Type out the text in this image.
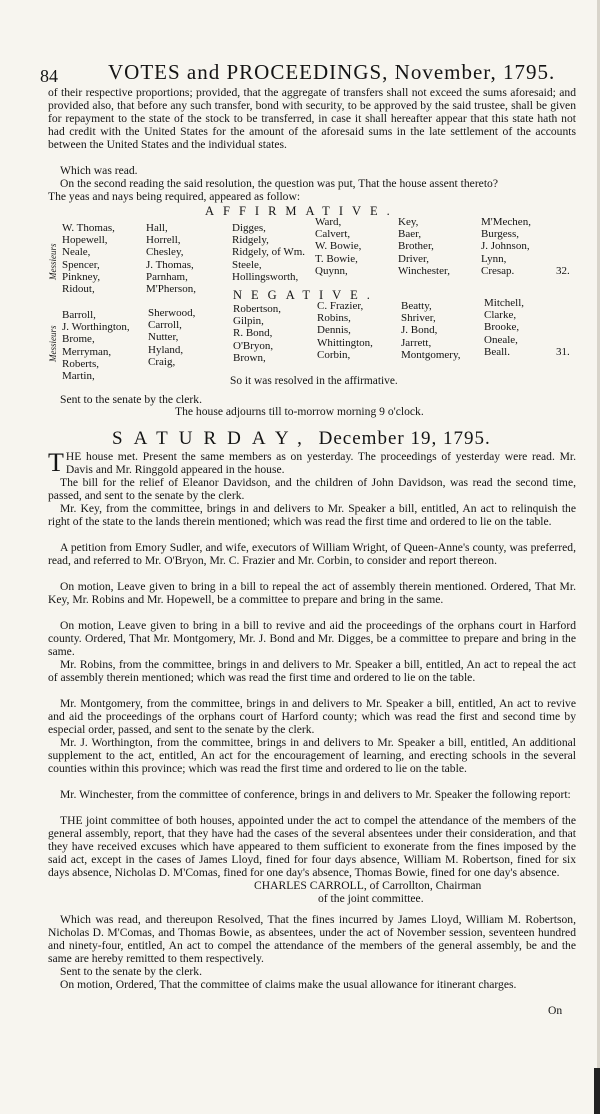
84 VOTES and PROCEEDINGS, November, 1795.
of their respective proportions; provided, that the aggregate of transfers shall not exceed the sums aforesaid; and provided also, that before any such transfer, bond with security, to be approved by the said trustee, shall be given for repayment to the state of the stock to be transferred, in case it shall hereafter appear that this state hath not had credit with the United States for the amount of the aforesaid sums in the late settlement of the accounts between the United States and the individual states.
Which was read.
On the second reading the said resolution, the question was put, That the house assent thereto?
The yeas and nays being required, appeared as follow:
AFFIRMATIVE.
Messieurs
W. Thomas,
Hopewell,
Neale,
Spencer,
Pinkney,
Ridout,
Hall,
Horrell,
Chesley,
J. Thomas,
Parnham,
M'Pherson,
Digges,
Ridgely,
Ridgely, of Wm.
Steele,
Hollingsworth,
Ward,
Calvert,
W. Bowie,
T. Bowie,
Quynn,
Key,
Baer,
Brother,
Driver,
Winchester,
M'Mechen,
Burgess,
J. Johnson,
Lynn,
Cresap.	32.
NEGATIVE.
Messieurs
Barroll,
J. Worthington,
Brome,
Merryman,
Roberts,
Martin,
Sherwood,
Carroll,
Nutter,
Hyland,
Craig,
Robertson,
Gilpin,
R. Bond,
O'Bryon,
Brown,
C. Frazier,
Robins,
Dennis,
Whittington,
Corbin,
Beatty,
Shriver,
J. Bond,
Jarrett,
Montgomery,
Mitchell,
Clarke,
Brooke,
Oneale,
Beall.	31.
So it was resolved in the affirmative.
Sent to the senate by the clerk.
The house adjourns till to-morrow morning 9 o'clock.
SATURDAY, December 19, 1795.
THE house met. Present the same members as on yesterday. The proceedings of yesterday were read. Mr. Davis and Mr. Ringgold appeared in the house.
The bill for the relief of Eleanor Davidson, and the children of John Davidson, was read the second time, passed, and sent to the senate by the clerk.
Mr. Key, from the committee, brings in and delivers to Mr. Speaker a bill, entitled, An act to relinquish the right of the state to the lands therein mentioned; which was read the first time and ordered to lie on the table.
A petition from Emory Sudler, and wife, executors of William Wright, of Queen-Anne's county, was preferred, read, and referred to Mr. O'Bryon, Mr. C. Frazier and Mr. Corbin, to consider and report thereon.
On motion, Leave given to bring in a bill to repeal the act of assembly therein mentioned. Ordered, That Mr. Key, Mr. Robins and Mr. Hopewell, be a committee to prepare and bring in the same.
On motion, Leave given to bring in a bill to revive and aid the proceedings of the orphans court in Harford county. Ordered, That Mr. Montgomery, Mr. J. Bond and Mr. Digges, be a committee to prepare and bring in the same.
Mr. Robins, from the committee, brings in and delivers to Mr. Speaker a bill, entitled, An act to repeal the act of assembly therein mentioned; which was read the first time and ordered to lie on the table.
Mr. Montgomery, from the committee, brings in and delivers to Mr. Speaker a bill, entitled, An act to revive and aid the proceedings of the orphans court of Harford county; which was read the first and second time by especial order, passed, and sent to the senate by the clerk.
Mr. J. Worthington, from the committee, brings in and delivers to Mr. Speaker a bill, entitled, An additional supplement to the act, entitled, An act for the encouragement of learning, and erecting schools in the several counties within this province; which was read the first time and ordered to lie on the table.
Mr. Winchester, from the committee of conference, brings in and delivers to Mr. Speaker the following report:
THE joint committee of both houses, appointed under the act to compel the attendance of the members of the general assembly, report, that they have had the cases of the several absentees under their consideration, and that they have received excuses which have appeared to them sufficient to exonerate from the fines imposed by the said act, except in the cases of James Lloyd, fined for four days absence, William M. Robertson, fined for six days absence, Nicholas D. M'Comas, fined for one day's absence, Thomas Bowie, fined for one day's absence.
CHARLES CARROLL, of Carrollton, Chairman
of the joint committee.
Which was read, and thereupon Resolved, That the fines incurred by James Lloyd, William M. Robertson, Nicholas D. M'Comas, and Thomas Bowie, as absentees, under the act of November session, seventeen hundred and ninety-four, entitled, An act to compel the attendance of the members of the general assembly, be and the same are hereby remitted to them respectively.
Sent to the senate by the clerk.
On motion, Ordered, That the committee of claims make the usual allowance for itinerant charges.
On
